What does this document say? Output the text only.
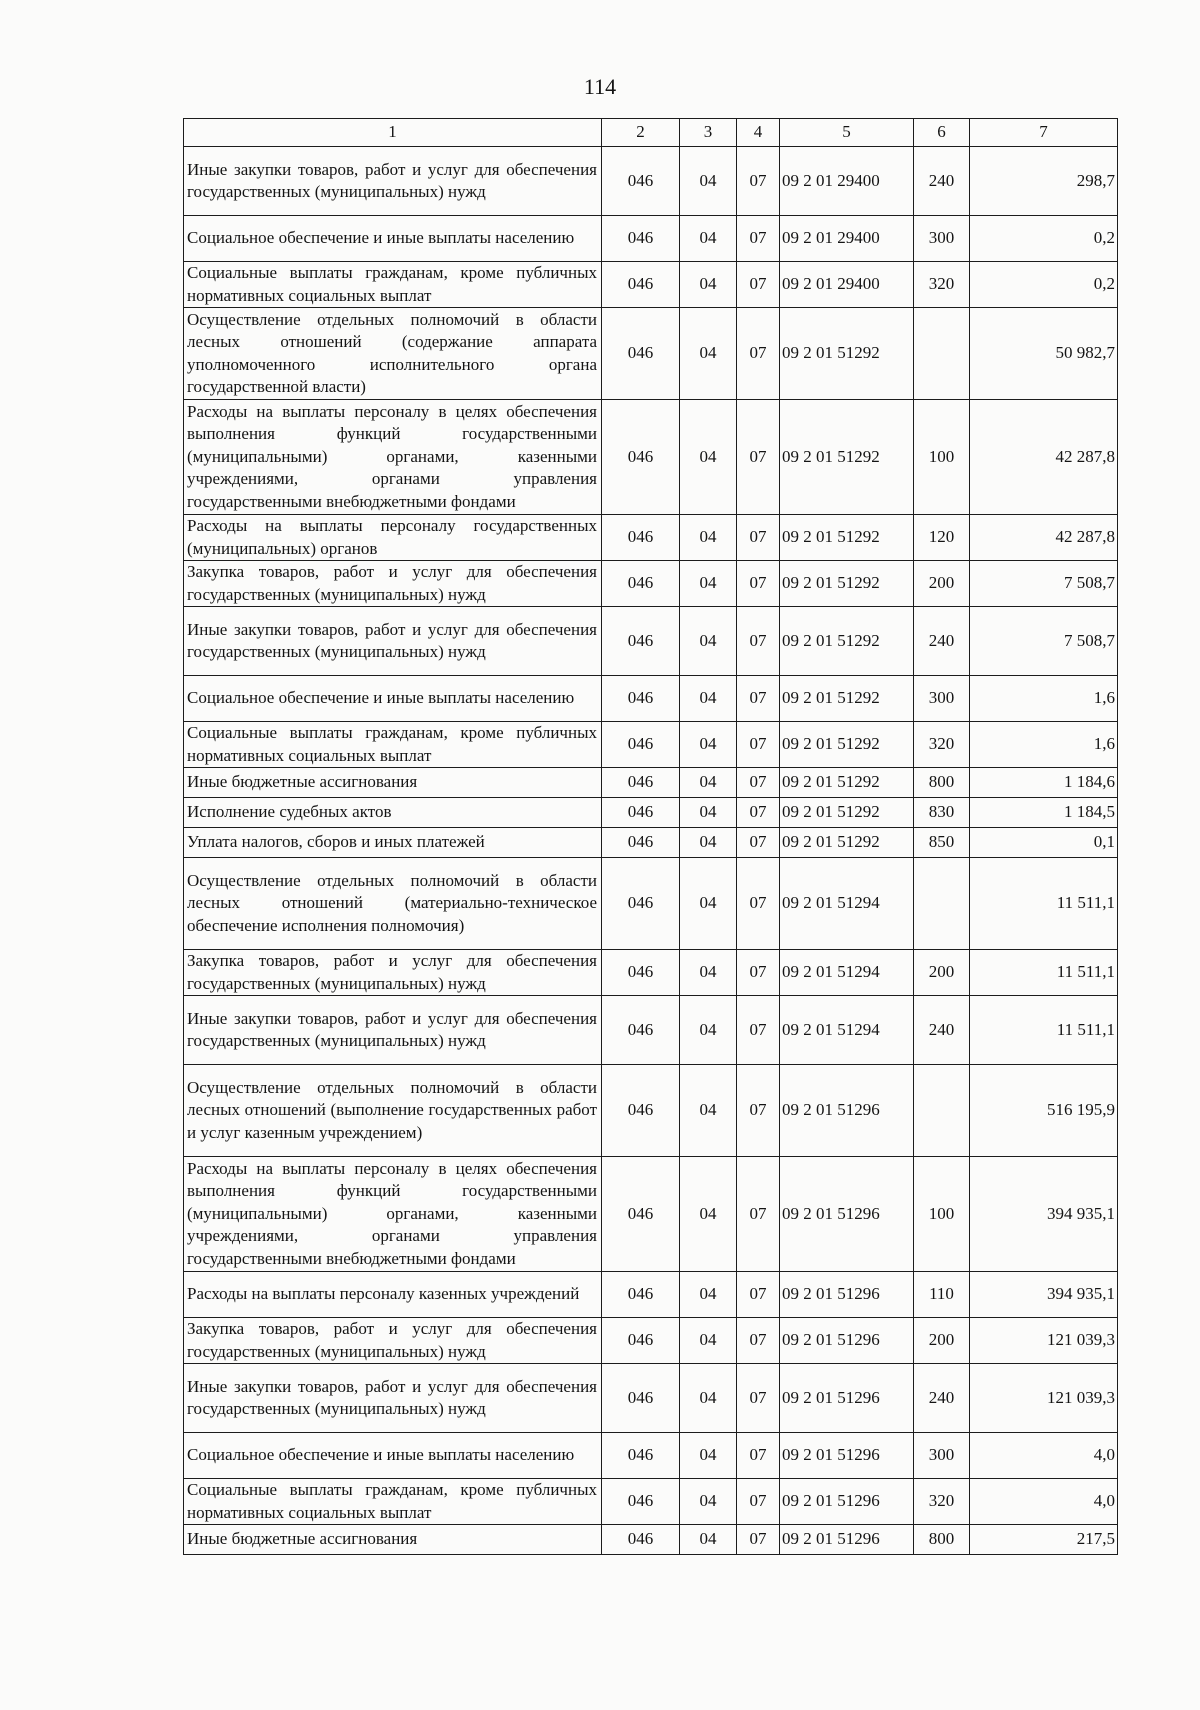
114
1	2	3	4	5	6	7
Иные закупки товаров, работ и услуг для обеспечения государственных (муниципальных) нужд	046	04	07	09 2 01 29400	240	298,7
Социальное обеспечение и иные выплаты населению	046	04	07	09 2 01 29400	300	0,2
Социальные выплаты гражданам, кроме публичных нормативных социальных выплат	046	04	07	09 2 01 29400	320	0,2
Осуществление отдельных полномочий в области лесных отношений (содержание аппарата уполномоченного исполнительного органа государственной власти)	046	04	07	09 2 01 51292		50 982,7
Расходы на выплаты персоналу в целях обеспечения выполнения функций государственными (муниципальными) органами, казенными учреждениями, органами управления государственными внебюджетными фондами	046	04	07	09 2 01 51292	100	42 287,8
Расходы на выплаты персоналу государственных (муниципальных) органов	046	04	07	09 2 01 51292	120	42 287,8
Закупка товаров, работ и услуг для обеспечения государственных (муниципальных) нужд	046	04	07	09 2 01 51292	200	7 508,7
Иные закупки товаров, работ и услуг для обеспечения государственных (муниципальных) нужд	046	04	07	09 2 01 51292	240	7 508,7
Социальное обеспечение и иные выплаты населению	046	04	07	09 2 01 51292	300	1,6
Социальные выплаты гражданам, кроме публичных нормативных социальных выплат	046	04	07	09 2 01 51292	320	1,6
Иные бюджетные ассигнования	046	04	07	09 2 01 51292	800	1 184,6
Исполнение судебных актов	046	04	07	09 2 01 51292	830	1 184,5
Уплата налогов, сборов и иных платежей	046	04	07	09 2 01 51292	850	0,1
Осуществление отдельных полномочий в области лесных отношений (материально-техническое обеспечение исполнения полномочия)	046	04	07	09 2 01 51294		11 511,1
Закупка товаров, работ и услуг для обеспечения государственных (муниципальных) нужд	046	04	07	09 2 01 51294	200	11 511,1
Иные закупки товаров, работ и услуг для обеспечения государственных (муниципальных) нужд	046	04	07	09 2 01 51294	240	11 511,1
Осуществление отдельных полномочий в области лесных отношений (выполнение государственных работ и услуг казенным учреждением)	046	04	07	09 2 01 51296		516 195,9
Расходы на выплаты персоналу в целях обеспечения выполнения функций государственными (муниципальными) органами, казенными учреждениями, органами управления государственными внебюджетными фондами	046	04	07	09 2 01 51296	100	394 935,1
Расходы на выплаты персоналу казенных учреждений	046	04	07	09 2 01 51296	110	394 935,1
Закупка товаров, работ и услуг для обеспечения государственных (муниципальных) нужд	046	04	07	09 2 01 51296	200	121 039,3
Иные закупки товаров, работ и услуг для обеспечения государственных (муниципальных) нужд	046	04	07	09 2 01 51296	240	121 039,3
Социальное обеспечение и иные выплаты населению	046	04	07	09 2 01 51296	300	4,0
Социальные выплаты гражданам, кроме публичных нормативных социальных выплат	046	04	07	09 2 01 51296	320	4,0
Иные бюджетные ассигнования	046	04	07	09 2 01 51296	800	217,5
